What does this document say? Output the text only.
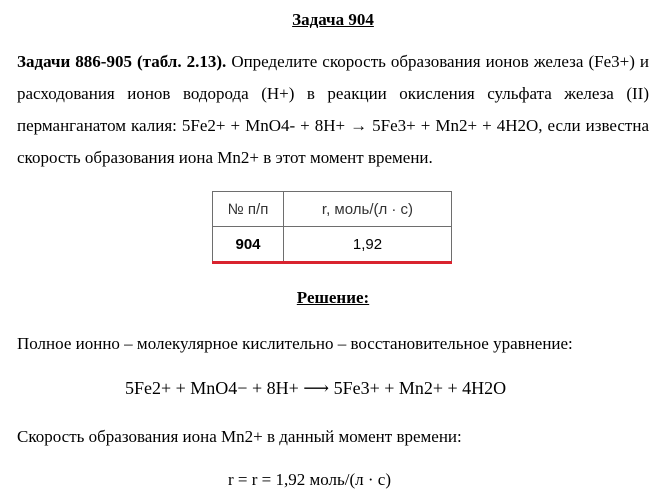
Задача 904
Задачи 886-905 (табл. 2.13). Определите скорость образования ионов железа (Fe3+) и расходования ионов водорода (H+) в реакции окисления сульфата железа (II) перманганатом калия: 5Fe2+ + MnO4- + 8H+ → 5Fe3+ + Mn2+ + 4H2O, если известна скорость образования иона Mn2+ в этот момент времени.
№ п/п	r, моль/(л · с)
904	1,92
Решение:
Полное ионно – молекулярное кислительно – восстановительное уравнение:
5Fe2+ + MnO4− + 8H+ ⟶ 5Fe3+ + Mn2+ + 4H2O
Скорость образования иона Mn2+ в данный момент времени:
r = r = 1,92 моль/(л · с)
